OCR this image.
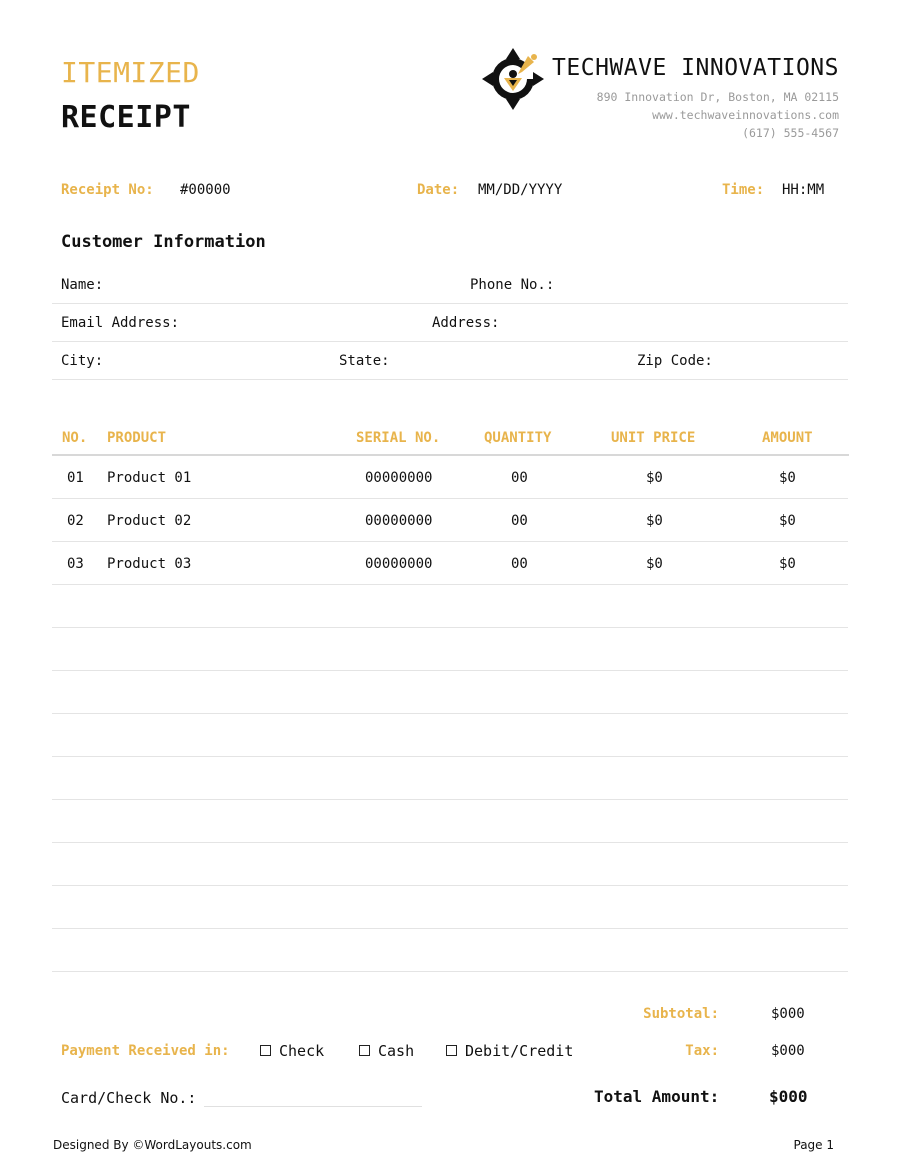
ITEMIZED
RECEIPT
TECHWAVE INNOVATIONS
890 Innovation Dr, Boston, MA 02115
www.techwaveinnovations.com
(617) 555-4567
Receipt No: #00000	Date: MM/DD/YYYY	Time: HH:MM
Customer Information
Name:	Phone No.:
Email Address:	Address:
City:	State:	Zip Code:
NO. PRODUCT	SERIAL NO.	QUANTITY	UNIT PRICE	AMOUNT
01 Product 01	00000000	00	$0	$0
02 Product 02	00000000	00	$0	$0
03 Product 03	00000000	00	$0	$0
Subtotal:	$000
Tax:	$000
Total Amount:	$000
Payment Received in:	Check	Cash	Debit/Credit
Card/Check No.:
Designed By ©WordLayouts.com	Page 1
